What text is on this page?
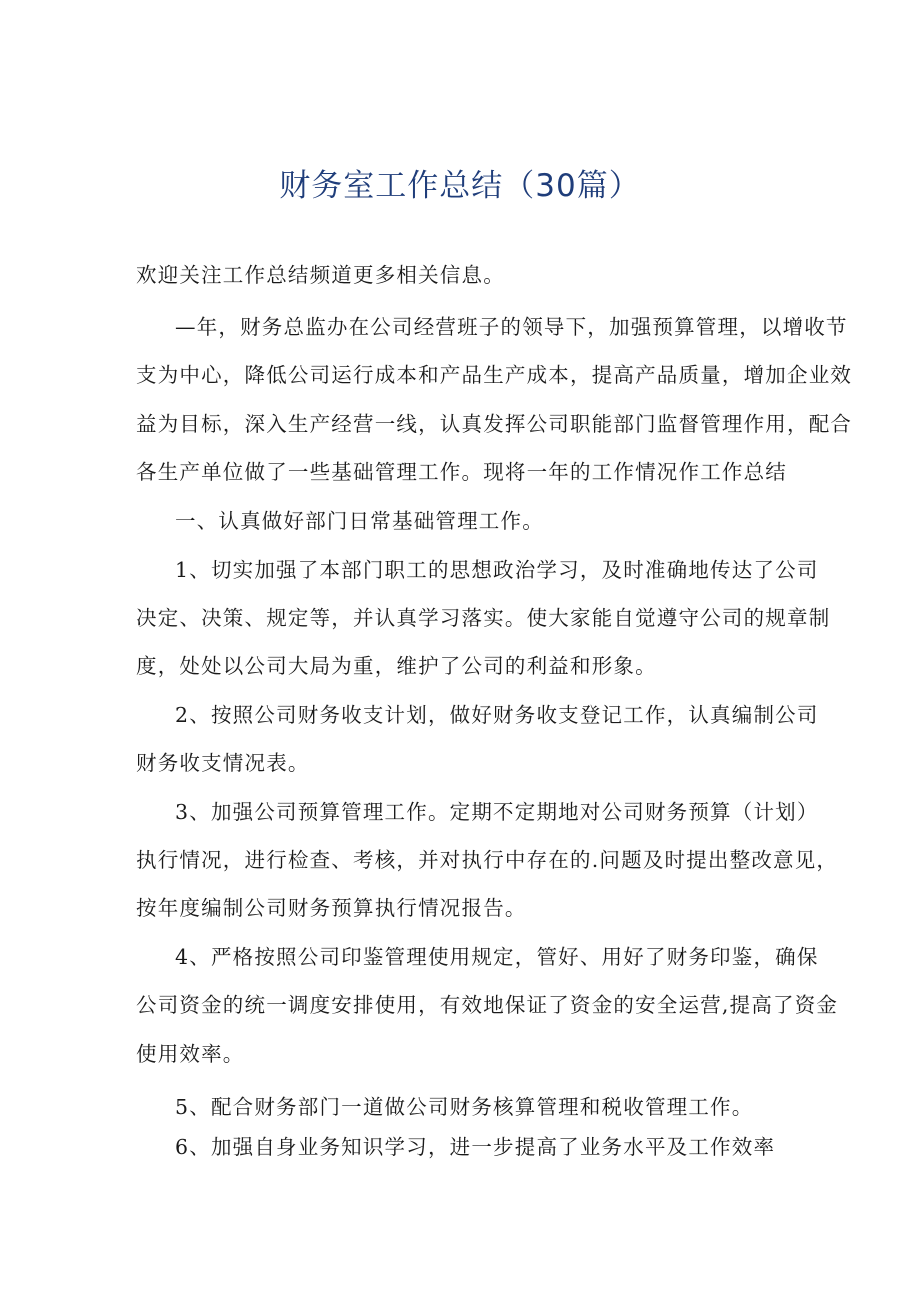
财务室工作总结（30篇）
欢迎关注工作总结频道更多相关信息。
—年，财务总监办在公司经营班子的领导下，加强预算管理，以增收节
支为中心，降低公司运行成本和产品生产成本，提高产品质量，增加企业效
益为目标，深入生产经营一线，认真发挥公司职能部门监督管理作用，配合
各生产单位做了一些基础管理工作。现将一年的工作情况作工作总结
一、认真做好部门日常基础管理工作。
1、切实加强了本部门职工的思想政治学习，及时准确地传达了公司
决定、决策、规定等，并认真学习落实。使大家能自觉遵守公司的规章制
度，处处以公司大局为重，维护了公司的利益和形象。
2、按照公司财务收支计划，做好财务收支登记工作，认真编制公司
财务收支情况表。
3、加强公司预算管理工作。定期不定期地对公司财务预算（计划）
执行情况，进行检查、考核，并对执行中存在的.问题及时提出整改意见，
按年度编制公司财务预算执行情况报告。
4、严格按照公司印鉴管理使用规定，管好、用好了财务印鉴，确保
公司资金的统一调度安排使用，有效地保证了资金的安全运营,提高了资金
使用效率。
5、配合财务部门一道做公司财务核算管理和税收管理工作。
6、加强自身业务知识学习，进一步提高了业务水平及工作效率
